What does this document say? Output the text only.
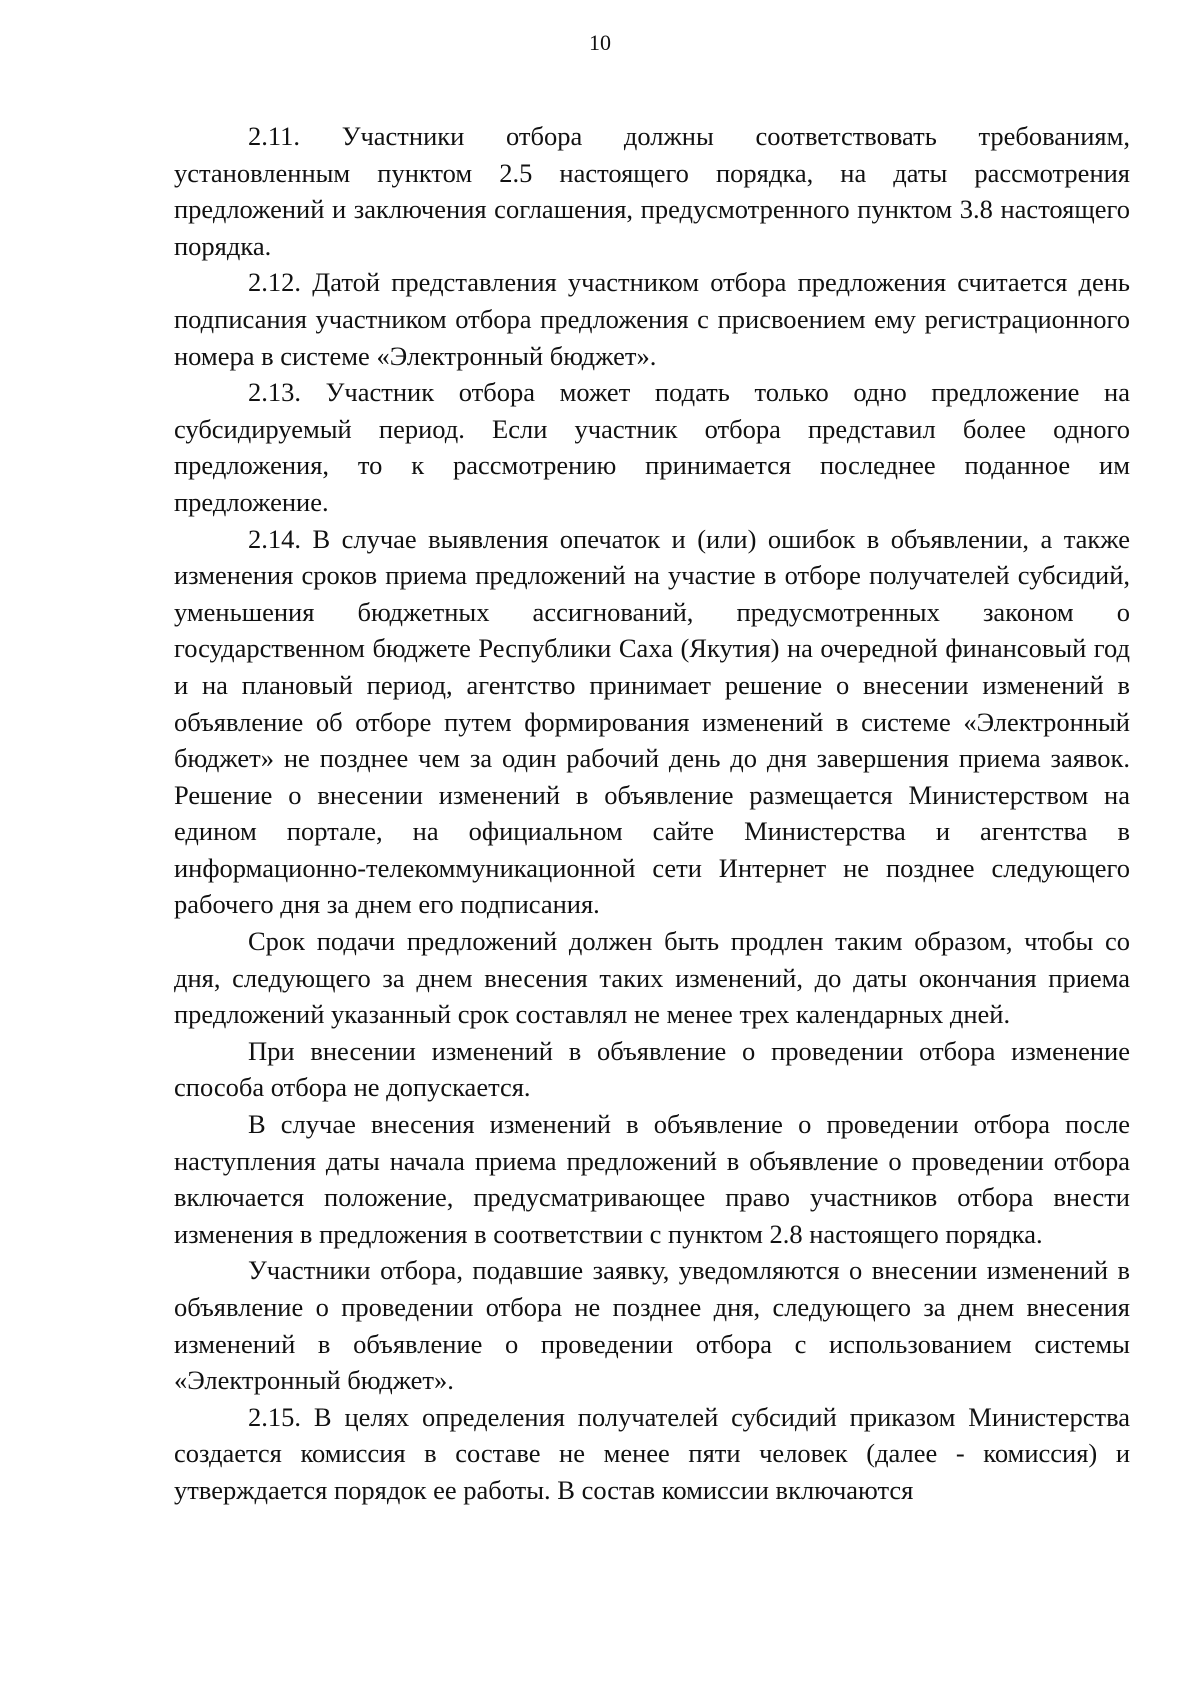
10

2.11. Участники отбора должны соответствовать требованиям, установленным пунктом 2.5 настоящего порядка, на даты рассмотрения предложений и заключения соглашения, предусмотренного пунктом 3.8 настоящего порядка.

2.12. Датой представления участником отбора предложения считается день подписания участником отбора предложения с присвоением ему регистрационного номера в системе «Электронный бюджет».

2.13. Участник отбора может подать только одно предложение на субсидируемый период. Если участник отбора представил более одного предложения, то к рассмотрению принимается последнее поданное им предложение.

2.14. В случае выявления опечаток и (или) ошибок в объявлении, а также изменения сроков приема предложений на участие в отборе получателей субсидий, уменьшения бюджетных ассигнований, предусмотренных законом о государственном бюджете Республики Саха (Якутия) на очередной финансовый год и на плановый период, агентство принимает решение о внесении изменений в объявление об отборе путем формирования изменений в системе «Электронный бюджет» не позднее чем за один рабочий день до дня завершения приема заявок. Решение о внесении изменений в объявление размещается Министерством на едином портале, на официальном сайте Министерства и агентства в информационно-телекоммуникационной сети Интернет не позднее следующего рабочего дня за днем его подписания.

Срок подачи предложений должен быть продлен таким образом, чтобы со дня, следующего за днем внесения таких изменений, до даты окончания приема предложений указанный срок составлял не менее трех календарных дней.

При внесении изменений в объявление о проведении отбора изменение способа отбора не допускается.

В случае внесения изменений в объявление о проведении отбора после наступления даты начала приема предложений в объявление о проведении отбора включается положение, предусматривающее право участников отбора внести изменения в предложения в соответствии с пунктом 2.8 настоящего порядка.

Участники отбора, подавшие заявку, уведомляются о внесении изменений в объявление о проведении отбора не позднее дня, следующего за днем внесения изменений в объявление о проведении отбора с использованием системы «Электронный бюджет».

2.15. В целях определения получателей субсидий приказом Министерства создается комиссия в составе не менее пяти человек (далее - комиссия) и утверждается порядок ее работы. В состав комиссии включаются
